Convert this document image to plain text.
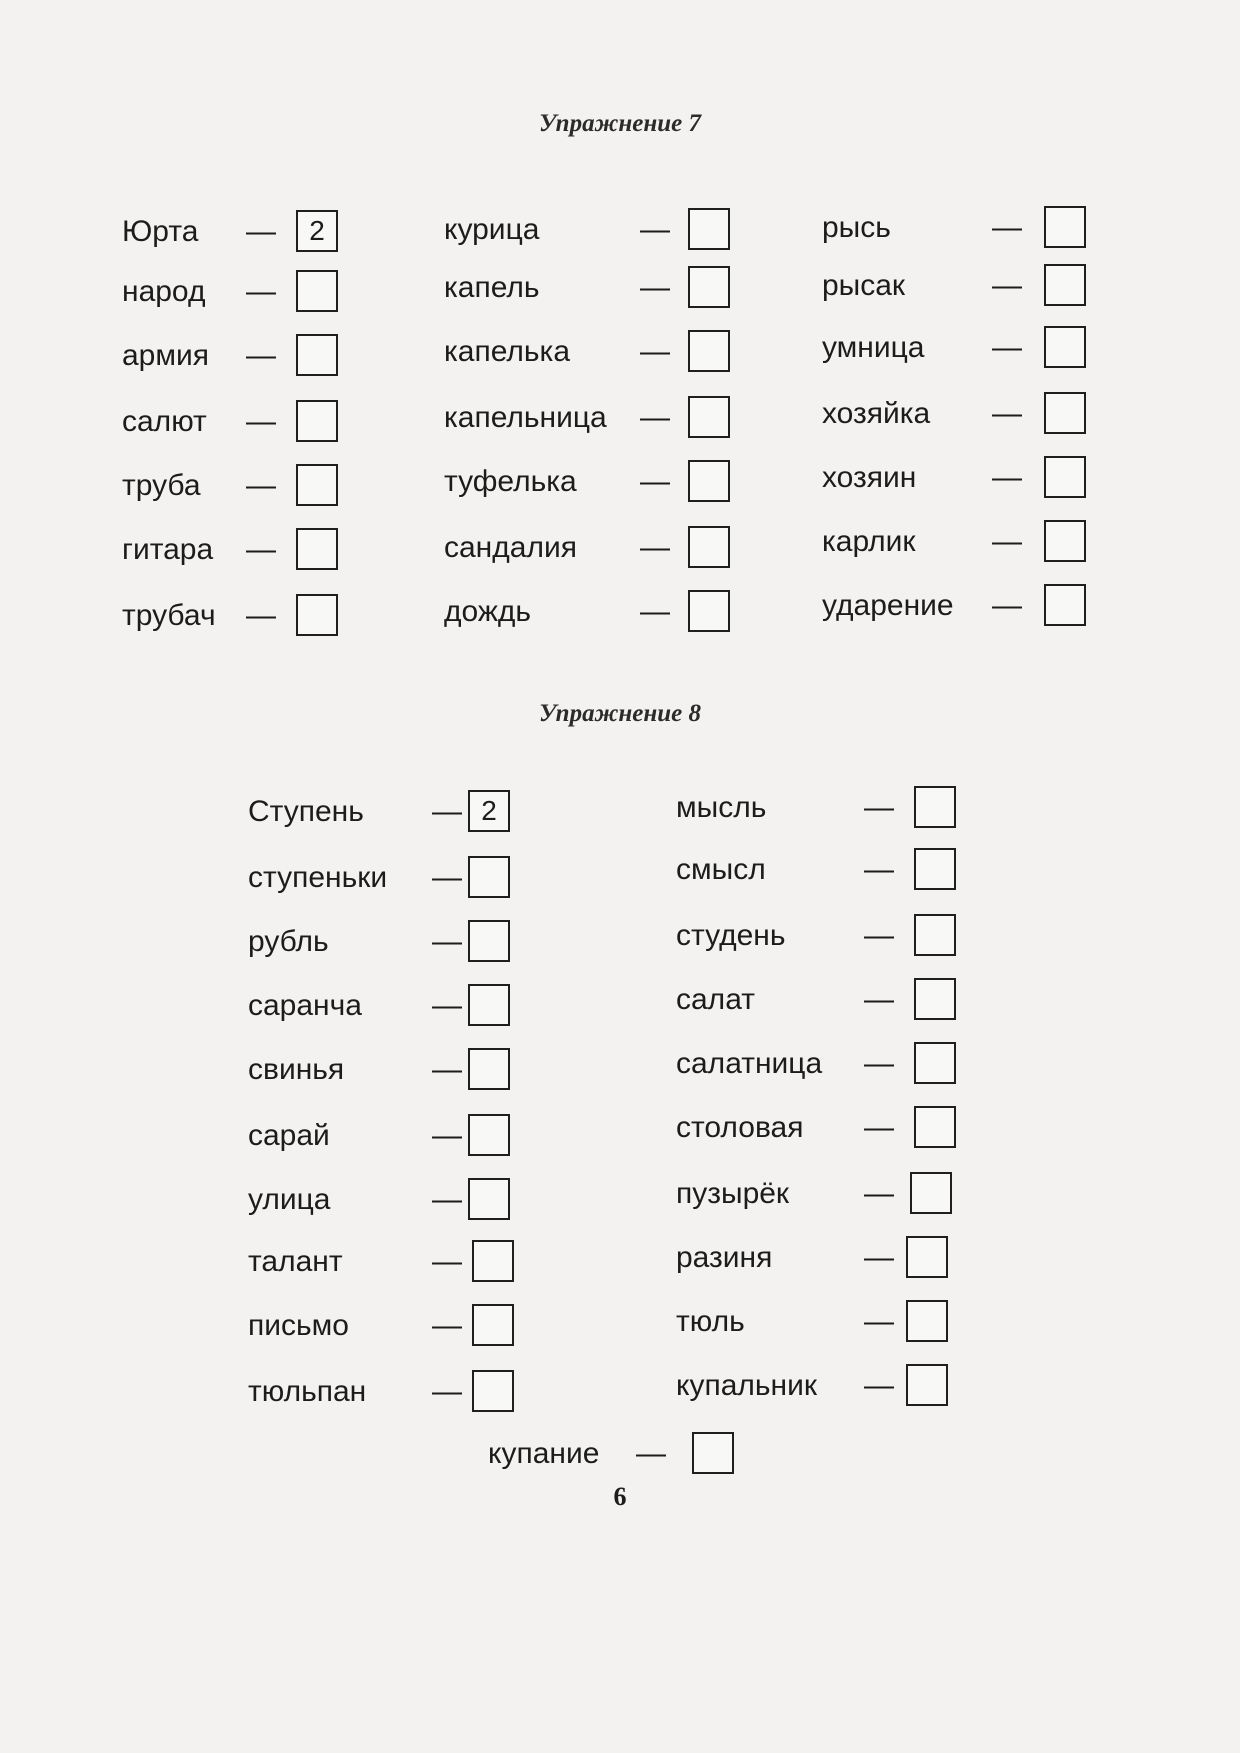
Упражнение 7
Юрта —	2
народ —
армия —
салют —
труба —
гитара —
трубач —
курица	—
капель	—
капелька —
капельница —
туфелька —
сандалия —
дождь	—
рысь	—
рысак	—
умница —
хозяйка —
хозяин	—
карлик	—
ударение —
Упражнение 8
Ступень — 2
ступеньки —
рубль	—
саранча —
свинья	—
сарай	—
улица	—
талант	—
письмо	—
тюльпан —
мысль	—
смысл	—
студень	—
салат	—
салатница —
столовая —
пузырёк —
разиня	—
тюль	—
купальник —
купание —
6
